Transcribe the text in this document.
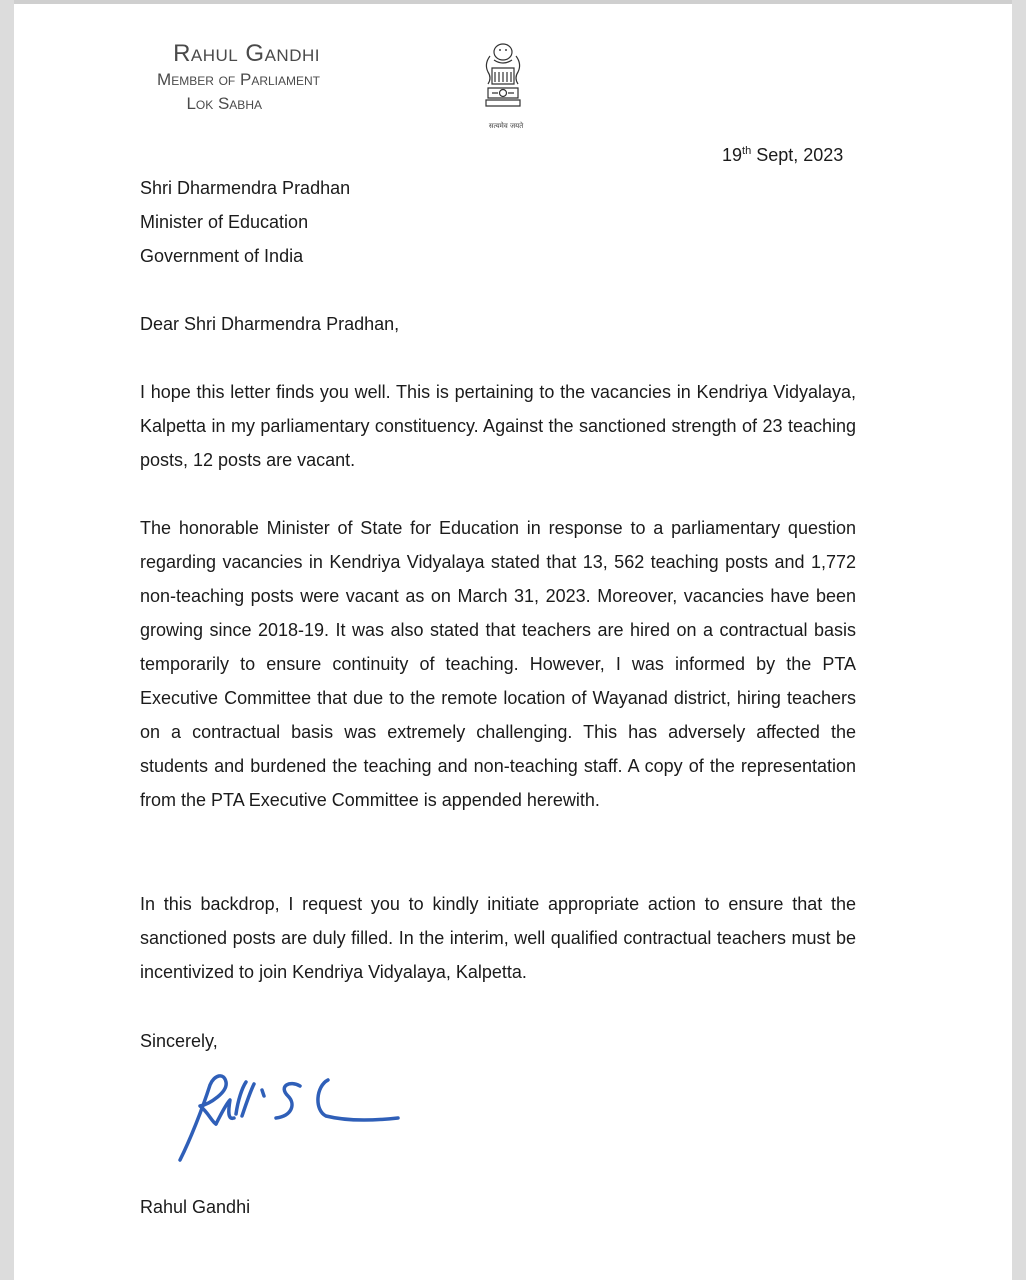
Rahul Gandhi
Member of Parliament
Lok Sabha
सत्यमेव जयते
19th Sept, 2023
Shri Dharmendra Pradhan
Minister of Education
Government of India
Dear Shri Dharmendra Pradhan,
I hope this letter finds you well. This is pertaining to the vacancies in Kendriya Vidyalaya, Kalpetta in my parliamentary constituency. Against the sanctioned strength of 23 teaching posts, 12 posts are vacant.
The honorable Minister of State for Education in response to a parliamentary question regarding vacancies in Kendriya Vidyalaya stated that 13, 562 teaching posts and 1,772 non-teaching posts were vacant as on March 31, 2023. Moreover, vacancies have been growing since 2018-19. It was also stated that teachers are hired on a contractual basis temporarily to ensure continuity of teaching. However, I was informed by the PTA Executive Committee that due to the remote location of Wayanad district, hiring teachers on a contractual basis was extremely challenging. This has adversely affected the students and burdened the teaching and non-teaching staff. A copy of the representation from the PTA Executive Committee is appended herewith.
In this backdrop, I request you to kindly initiate appropriate action to ensure that the sanctioned posts are duly filled. In the interim, well qualified contractual teachers must be incentivized to join Kendriya Vidyalaya, Kalpetta.
Sincerely,
Rahul Gandhi
